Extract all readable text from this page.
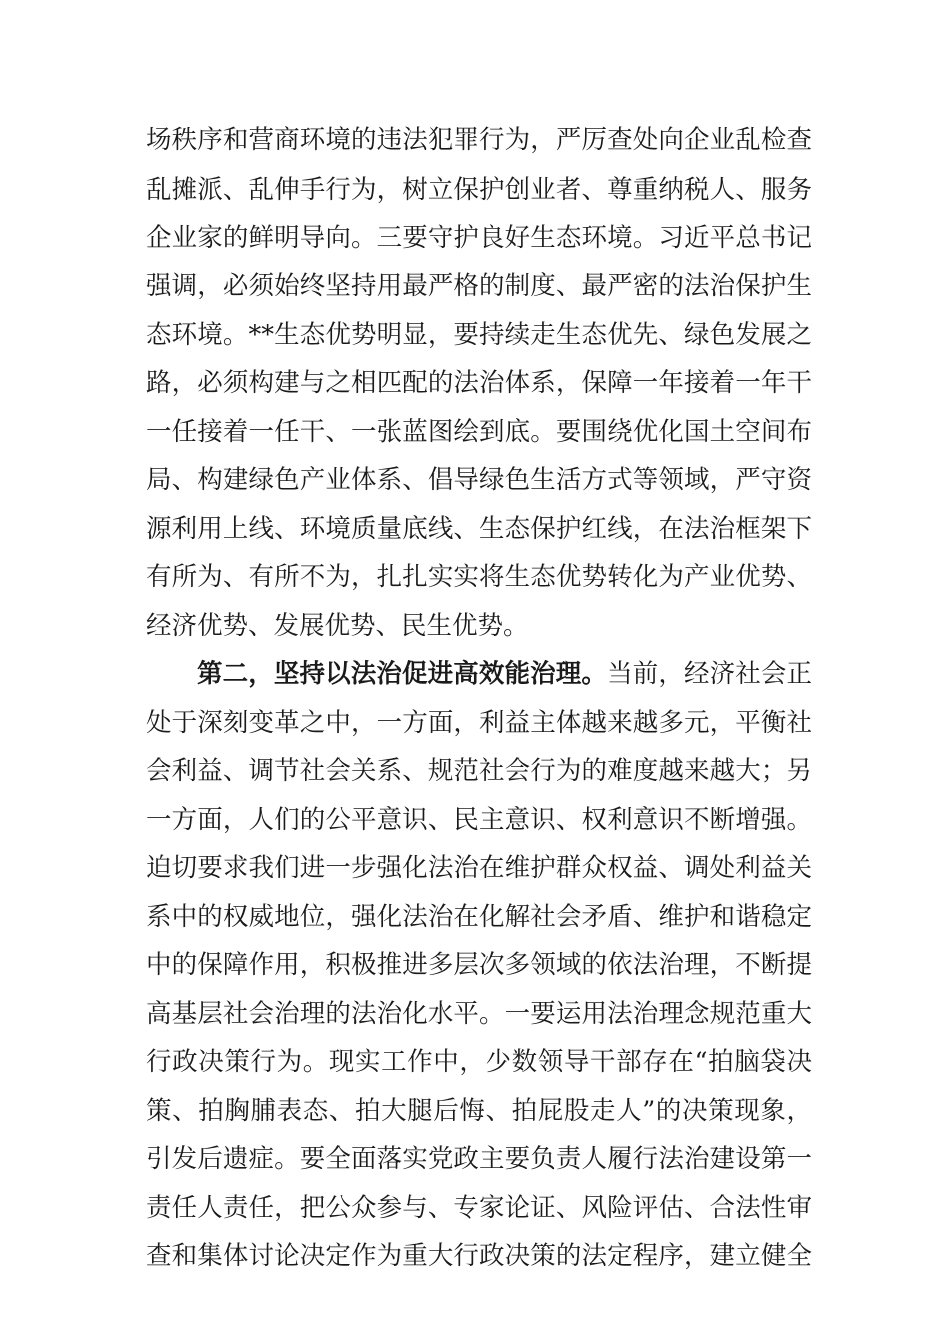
场秩序和营商环境的违法犯罪行为，严厉查处向企业乱检查
乱摊派、乱伸手行为，树立保护创业者、尊重纳税人、服务
企业家的鲜明导向。三要守护良好生态环境。习近平总书记
强调，必须始终坚持用最严格的制度、最严密的法治保护生
态环境。**生态优势明显，要持续走生态优先、绿色发展之
路，必须构建与之相匹配的法治体系，保障一年接着一年干
一任接着一任干、一张蓝图绘到底。要围绕优化国土空间布
局、构建绿色产业体系、倡导绿色生活方式等领域，严守资
源利用上线、环境质量底线、生态保护红线，在法治框架下
有所为、有所不为，扎扎实实将生态优势转化为产业优势、
经济优势、发展优势、民生优势。
第二，坚持以法治促进高效能治理。当前，经济社会正
处于深刻变革之中，一方面，利益主体越来越多元，平衡社
会利益、调节社会关系、规范社会行为的难度越来越大；另
一方面，人们的公平意识、民主意识、权利意识不断增强。
迫切要求我们进一步强化法治在维护群众权益、调处利益关
系中的权威地位，强化法治在化解社会矛盾、维护和谐稳定
中的保障作用，积极推进多层次多领域的依法治理，不断提
高基层社会治理的法治化水平。一要运用法治理念规范重大
行政决策行为。现实工作中，少数领导干部存在“拍脑袋决
策、拍胸脯表态、拍大腿后悔、拍屁股走人”的决策现象，
引发后遗症。要全面落实党政主要负责人履行法治建设第一
责任人责任，把公众参与、专家论证、风险评估、合法性审
查和集体讨论决定作为重大行政决策的法定程序，建立健全
